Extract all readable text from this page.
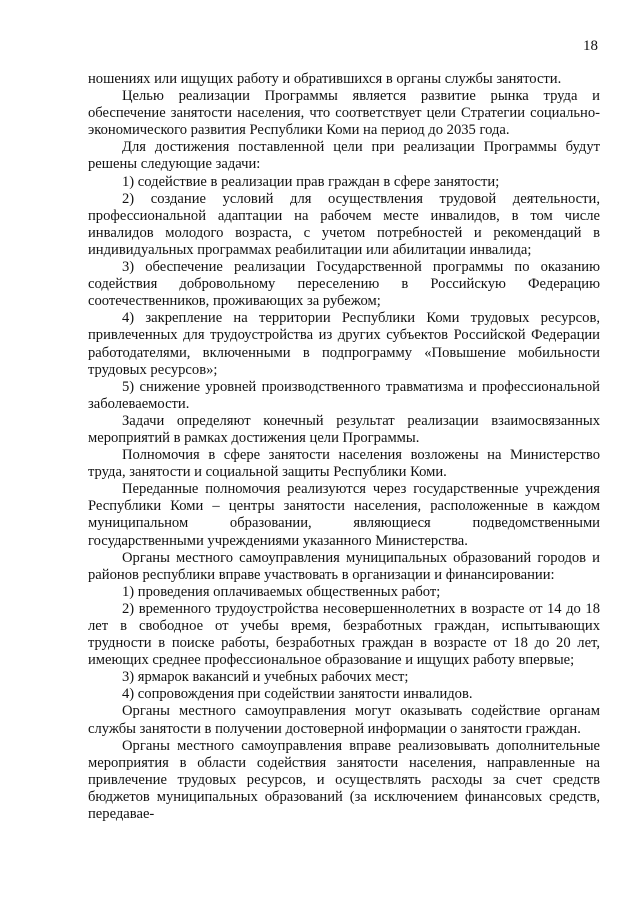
18

ношениях или ищущих работу и обратившихся в органы службы занятости.

Целью реализации Программы является развитие рынка труда и обеспечение занятости населения, что соответствует цели Стратегии социально-экономического развития Республики Коми на период до 2035 года.

Для достижения поставленной цели при реализации Программы будут решены следующие задачи:

1) содействие в реализации прав граждан в сфере занятости;

2) создание условий для осуществления трудовой деятельности, профессиональной адаптации на рабочем месте инвалидов, в том числе инвалидов молодого возраста, с учетом потребностей и рекомендаций в индивидуальных программах реабилитации или абилитации инвалида;

3) обеспечение реализации Государственной программы по оказанию содействия добровольному переселению в Российскую Федерацию соотечественников, проживающих за рубежом;

4) закрепление на территории Республики Коми трудовых ресурсов, привлеченных для трудоустройства из других субъектов Российской Федерации работодателями, включенными в подпрограмму «Повышение мобильности трудовых ресурсов»;

5) снижение уровней производственного травматизма и профессиональной заболеваемости.

Задачи определяют конечный результат реализации взаимосвязанных мероприятий в рамках достижения цели Программы.

Полномочия в сфере занятости населения возложены на Министерство труда, занятости и социальной защиты Республики Коми.

Переданные полномочия реализуются через государственные учреждения Республики Коми – центры занятости населения, расположенные в каждом муниципальном образовании, являющиеся подведомственными государственными учреждениями указанного Министерства.

Органы местного самоуправления муниципальных образований городов и районов республики вправе участвовать в организации и финансировании:

1) проведения оплачиваемых общественных работ;

2) временного трудоустройства несовершеннолетних в возрасте от 14 до 18 лет в свободное от учебы время, безработных граждан, испытывающих трудности в поиске работы, безработных граждан в возрасте от 18 до 20 лет, имеющих среднее профессиональное образование и ищущих работу впервые;

3) ярмарок вакансий и учебных рабочих мест;

4) сопровождения при содействии занятости инвалидов.

Органы местного самоуправления могут оказывать содействие органам службы занятости в получении достоверной информации о занятости граждан.

Органы местного самоуправления вправе реализовывать дополнительные мероприятия в области содействия занятости населения, направленные на привлечение трудовых ресурсов, и осуществлять расходы за счет средств бюджетов муниципальных образований (за исключением финансовых средств, передавае-
